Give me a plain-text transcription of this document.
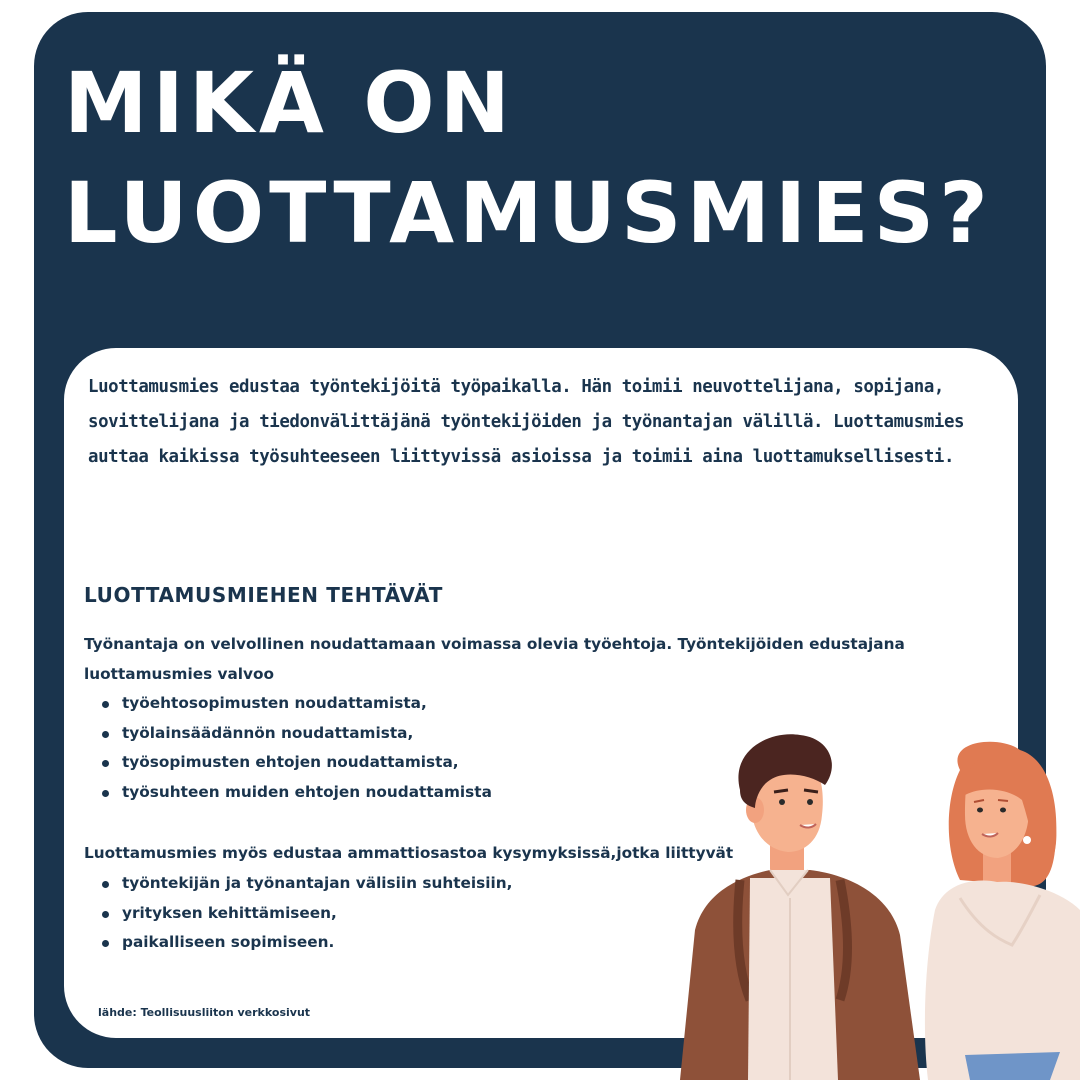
MIKÄ ON
LUOTTAMUSMIES?

Luottamusmies edustaa työntekijöitä työpaikalla. Hän toimii neuvottelijana, sopijana, sovittelijana ja tiedonvälittäjänä työntekijöiden ja työnantajan välillä. Luottamusmies auttaa kaikissa työsuhteeseen liittyvissä asioissa ja toimii aina luottamuksellisesti.

LUOTTAMUSMIEHEN TEHTÄVÄT

Työnantaja on velvollinen noudattamaan voimassa olevia työehtoja. Työntekijöiden edustajana luottamusmies valvoo

työehtosopimusten noudattamista,
työlainsäädännön noudattamista,
työsopimusten ehtojen noudattamista,
työsuhteen muiden ehtojen noudattamista

Luottamusmies myös edustaa ammattiosastoa kysymyksissä,jotka liittyvät

työntekijän ja työnantajan välisiin suhteisiin,
yrityksen kehittämiseen,
paikalliseen sopimiseen.

lähde: Teollisuusliiton verkkosivut
